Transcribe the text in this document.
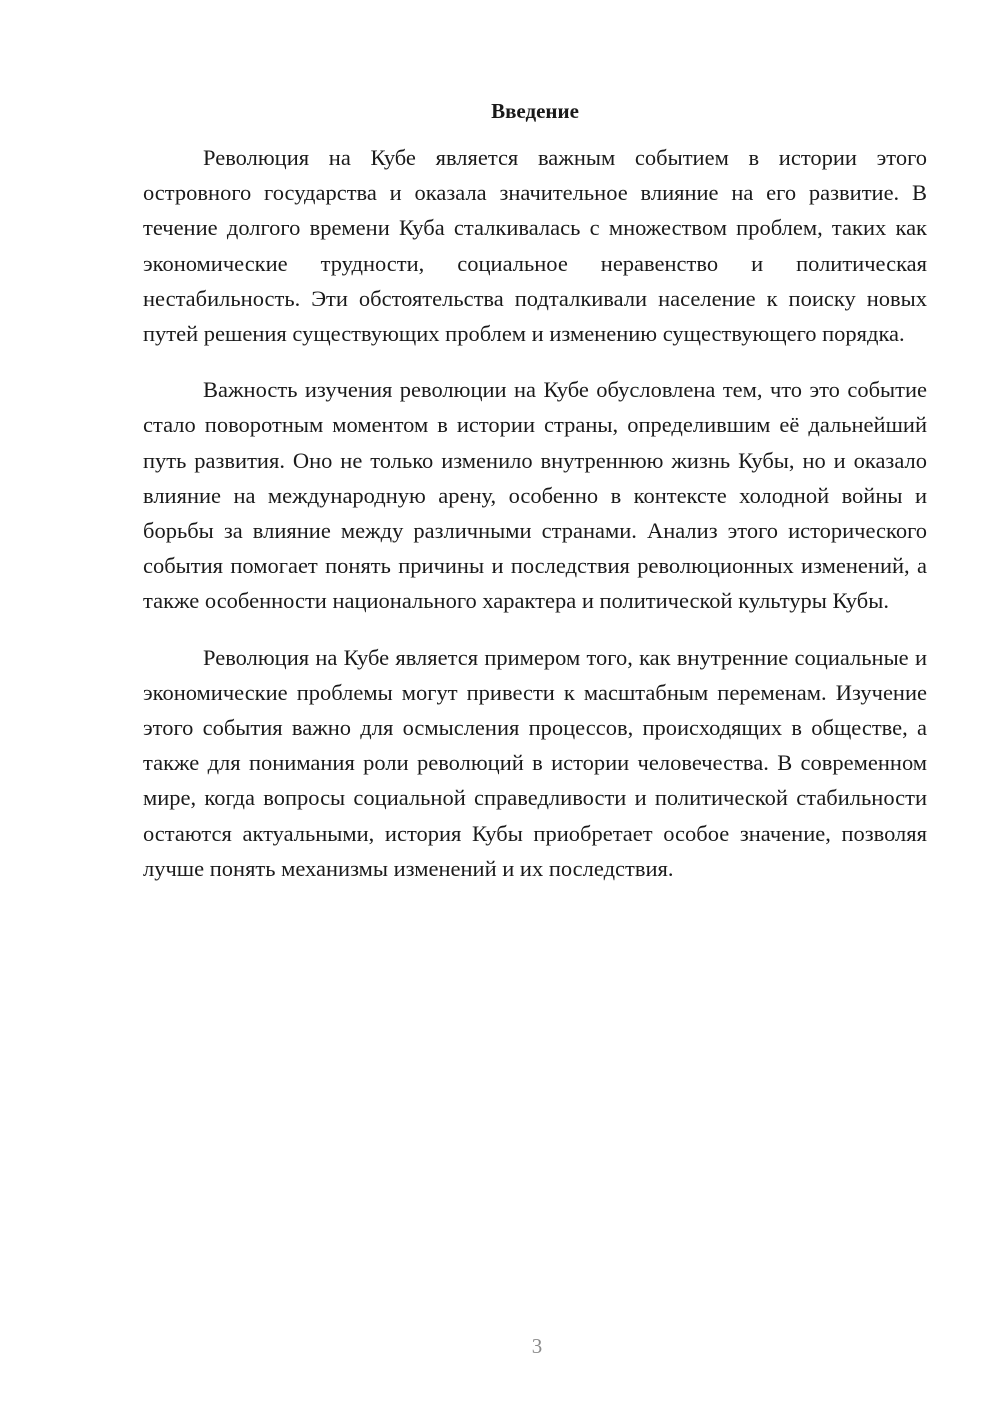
Введение

Революция на Кубе является важным событием в истории этого островного государства и оказала значительное влияние на его развитие. В течение долгого времени Куба сталкивалась с множеством проблем, таких как экономические трудности, социальное неравенство и политическая нестабильность. Эти обстоятельства подталкивали население к поиску новых путей решения существующих проблем и изменению существующего порядка.

Важность изучения революции на Кубе обусловлена тем, что это событие стало поворотным моментом в истории страны, определившим её дальнейший путь развития. Оно не только изменило внутреннюю жизнь Кубы, но и оказало влияние на международную арену, особенно в контексте холодной войны и борьбы за влияние между различными странами. Анализ этого исторического события помогает понять причины и последствия революционных изменений, а также особенности национального характера и политической культуры Кубы.

Революция на Кубе является примером того, как внутренние социальные и экономические проблемы могут привести к масштабным переменам. Изучение этого события важно для осмысления процессов, происходящих в обществе, а также для понимания роли революций в истории человечества. В современном мире, когда вопросы социальной справедливости и политической стабильности остаются актуальными, история Кубы приобретает особое значение, позволяя лучше понять механизмы изменений и их последствия.

3
